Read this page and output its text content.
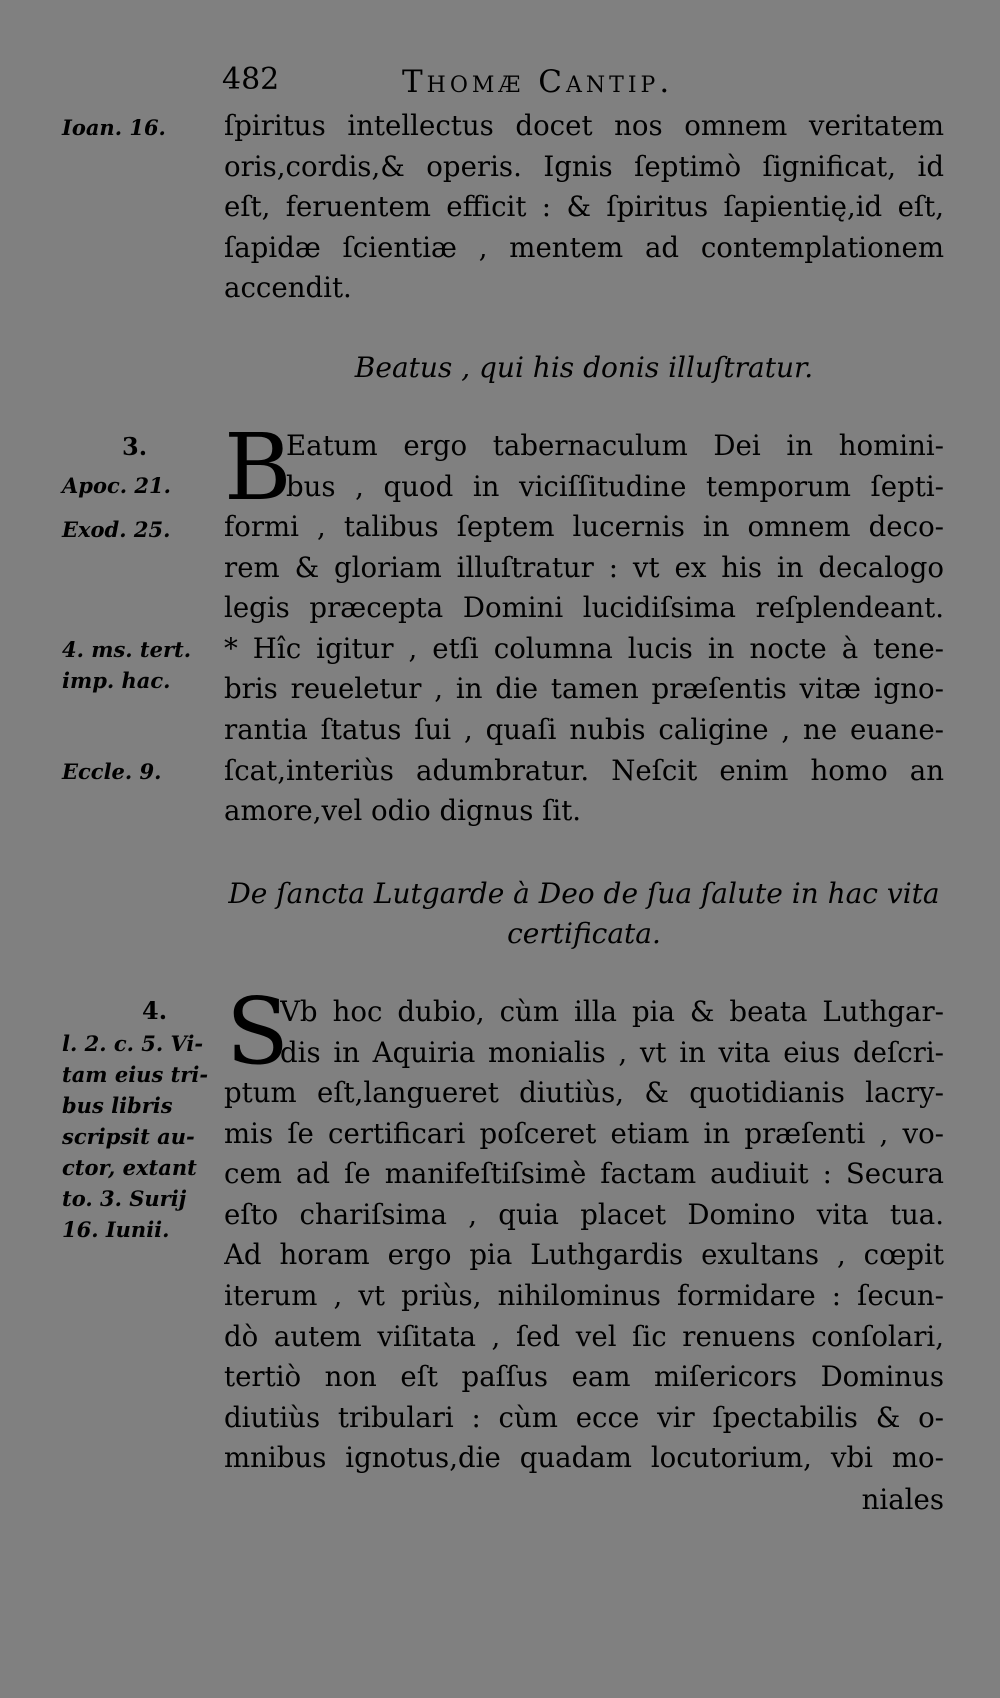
482	Thomæ Cantip.
Ioan. 16.
3.
Apoc. 21.
Exod. 25.
4. ms. tert.
imp. hac.
Eccle. 9.
4.
l. 2. c. 5. Vi-
tam eius tri-
bus libris
scripsit au-
ctor, extant
to. 3. Surij
16. Iunii.
ſpiritus intellectus docet nos omnem veritatem
oris,cordis,& operis. Ignis ſeptimò ſignificat, id
eſt, feruentem efficit : & ſpiritus ſapientię,id eſt,
ſapidæ ſcientiæ , mentem ad contemplationem
accendit.
Beatus , qui his donis illuſtratur.
B
Eatum ergo tabernaculum Dei in homini-
bus , quod in viciſſitudine temporum ſepti-
formi , talibus ſeptem lucernis in omnem deco-
rem & gloriam illuſtratur : vt ex his in decalogo
legis præcepta Domini lucidiſsima reſplendeant.
* Hîc igitur , etſi columna lucis in nocte à tene-
bris reueletur , in die tamen præſentis vitæ igno-
rantia ſtatus ſui , quaſi nubis caligine , ne euane-
ſcat,interiùs adumbratur. Neſcit enim homo an
amore,vel odio dignus ſit.
De ſancta Lutgarde à Deo de ſua ſalute in hac vita
certificata.
S
Vb hoc dubio, cùm illa pia & beata Luthgar-
dis in Aquiria monialis , vt in vita eius deſcri-
ptum eſt,langueret diutiùs, & quotidianis lacry-
mis ſe certificari poſceret etiam in præſenti , vo-
cem ad ſe manifeſtiſsimè factam audiuit : Secura
eſto chariſsima , quia placet Domino vita tua.
Ad horam ergo pia Luthgardis exultans , cœpit
iterum , vt priùs, nihilominus formidare : ſecun-
dò autem viſitata , ſed vel ſic renuens conſolari,
tertiò non eſt paſſus eam miſericors Dominus
diutiùs tribulari : cùm ecce vir ſpectabilis & o-
mnibus ignotus,die quadam locutorium, vbi mo-
niales
